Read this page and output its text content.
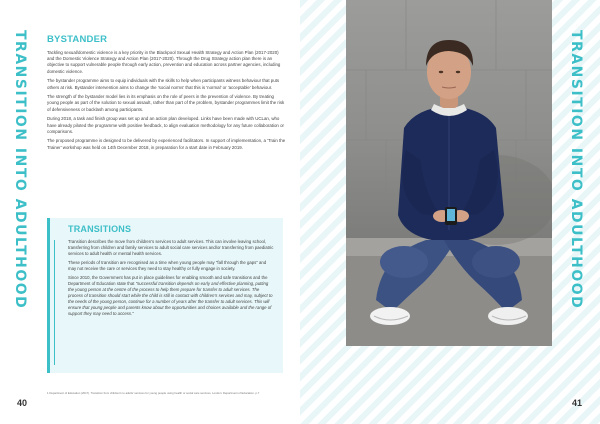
TRANSITION INTO ADULTHOOD BYSTANDER

Tackling sexual/domestic violence is a key priority in the Blackpool Sexual Health Strategy and Action Plan (2017-2020) and the Domestic Violence Strategy and Action Plan (2017-2020). Through the Drug Strategy action plan there is an objective to support vulnerable people through early action, prevention and education across partner agencies, including domestic violence.

The bystander programme aims to equip individuals with the skills to help when participants witness behaviour that puts others at risk. Bystander intervention aims to change the 'social norms' that this is 'normal' or 'acceptable' behaviour.

The strength of the bystander model lies in its emphasis on the role of peers in the prevention of violence. By treating young people as part of the solution to sexual assault, rather than part of the problem, bystander programmes limit the risk of defensiveness or backlash among participants.

During 2018, a task and finish group was set up and an action plan developed. Links have been made with UCLan, who have already piloted the programme with positive feedback, to align evaluation methodology for any future collaboration or comparisons.

The proposed programme is designed to be delivered by experienced facilitators. In support of implementation, a 'Train the Trainer' workshop was held on 14th December 2018, in preparation for a start date in February 2019.

TRANSITIONS

Transition describes the move from children's services to adult services. This can involve leaving school, transferring from children and family services to adult social care services and/or transferring from paediatric services to adult health or mental health services.

These periods of transition are recognised as a time when young people may "fall through the gaps" and may not receive the care or services they need to stay healthy or fully engage in society.

Since 2010, the Government has put in place guidelines for enabling smooth and safe transitions and the Department of Education state that "successful transition depends on early and effective planning, putting the young person at the centre of the process to help them prepare for transfer to adult services. The process of transition should start while the child is still in contact with children's services and may, subject to the needs of the young person, continue for a number of years after the transfer to adult services. This will ensure that young people and parents know about the opportunities and choices available and the range of support they may need to access."

1 Department of Education (2017). Transition from children's to adults' services for young people using health or social care services. London: Department of Education. p.7
40
TRANSITION INTO ADULTHOOD
41
